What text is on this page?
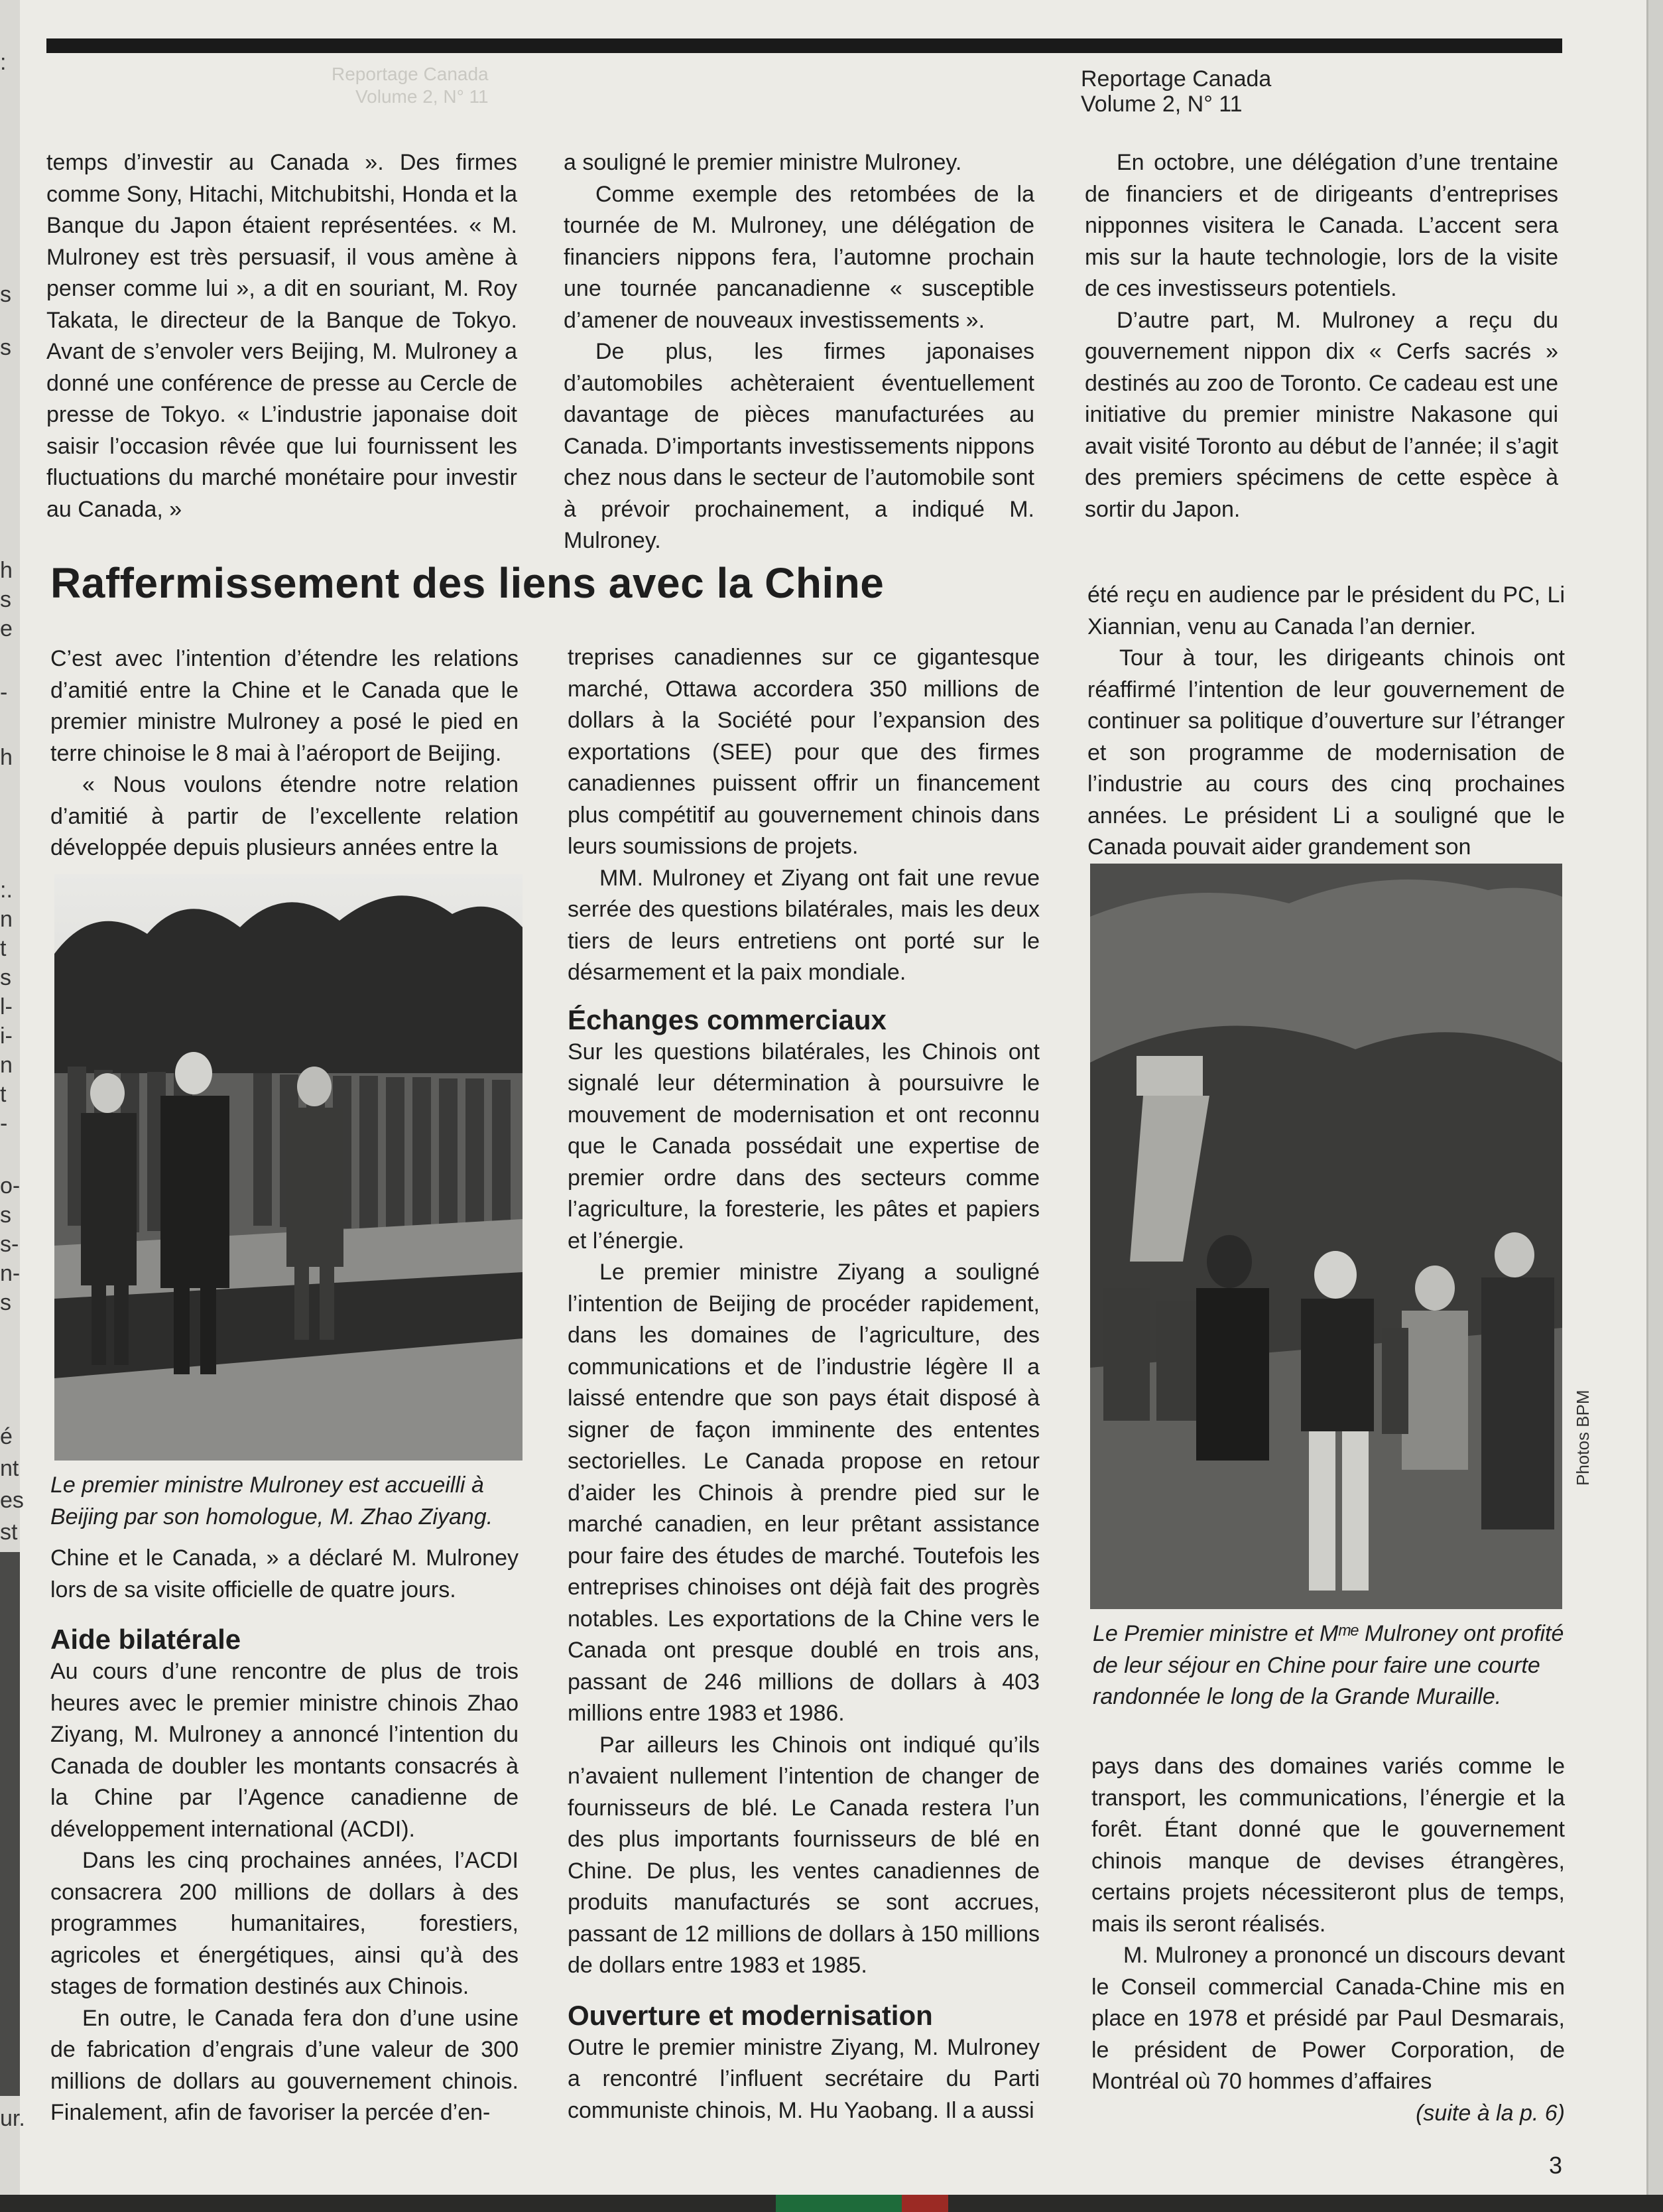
:
s
s
h
s
e
-
h
:.
n
t
s
l-
i-
n
t
-
o-
s
s-
n-
s
é
nt
es
st
ur.
Reportage Canada
Volume 2, N° 11
Reportage Canada
Volume 2, N° 11

temps d’investir au Canada ». Des firmes comme Sony, Hitachi, Mitchubitshi, Honda et la Banque du Japon étaient représentées. « M. Mulroney est très persuasif, il vous amène à penser comme lui », a dit en souriant, M. Roy Takata, le directeur de la Banque de Tokyo. Avant de s’envoler vers Beijing, M. Mulroney a donné une conférence de presse au Cercle de presse de Tokyo. « L’industrie japonaise doit saisir l’occasion rêvée que lui fournissent les fluctuations du marché monétaire pour investir au Canada, »

a souligné le premier ministre Mulroney.

Comme exemple des retombées de la tournée de M. Mulroney, une délégation de financiers nippons fera, l’automne prochain une tournée pancanadienne « susceptible d’amener de nouveaux investissements ».

De plus, les firmes japonaises d’automobiles achèteraient éventuellement davantage de pièces manufacturées au Canada. D’importants investissements nippons chez nous dans le secteur de l’automobile sont à prévoir prochainement, a indiqué M. Mulroney.

En octobre, une délégation d’une trentaine de financiers et de dirigeants d’entreprises nipponnes visitera le Canada. L’accent sera mis sur la haute technologie, lors de la visite de ces investisseurs potentiels.

D’autre part, M. Mulroney a reçu du gouvernement nippon dix « Cerfs sacrés » destinés au zoo de Toronto. Ce cadeau est une initiative du premier ministre Nakasone qui avait visité Toronto au début de l’année; il s’agit des premiers spécimens de cette espèce à sortir du Japon.

Raffermissement des liens avec la Chine

C’est avec l’intention d’étendre les relations d’amitié entre la Chine et le Canada que le premier ministre Mulroney a posé le pied en terre chinoise le 8 mai à l’aéroport de Beijing.

« Nous voulons étendre notre relation d’amitié à partir de l’excellente relation développée depuis plusieurs années entre la

Le premier ministre Mulroney est accueilli à Beijing par son homologue, M. Zhao Ziyang.

Chine et le Canada, » a déclaré M. Mulroney lors de sa visite officielle de quatre jours.

Aide bilatérale

Au cours d’une rencontre de plus de trois heures avec le premier ministre chinois Zhao Ziyang, M. Mulroney a annoncé l’intention du Canada de doubler les montants consacrés à la Chine par l’Agence canadienne de développement international (ACDI).

Dans les cinq prochaines années, l’ACDI consacrera 200 millions de dollars à des programmes humanitaires, forestiers, agricoles et énergétiques, ainsi qu’à des stages de formation destinés aux Chinois.

En outre, le Canada fera don d’une usine de fabrication d’engrais d’une valeur de 300 millions de dollars au gouvernement chinois. Finalement, afin de favoriser la percée d’en-

treprises canadiennes sur ce gigantesque marché, Ottawa accordera 350 millions de dollars à la Société pour l’expansion des exportations (SEE) pour que des firmes canadiennes puissent offrir un financement plus compétitif au gouvernement chinois dans leurs soumissions de projets.

MM. Mulroney et Ziyang ont fait une revue serrée des questions bilatérales, mais les deux tiers de leurs entretiens ont porté sur le désarmement et la paix mondiale.

Échanges commerciaux

Sur les questions bilatérales, les Chinois ont signalé leur détermination à poursuivre le mouvement de modernisation et ont reconnu que le Canada possédait une expertise de premier ordre dans des secteurs comme l’agriculture, la foresterie, les pâtes et papiers et l’énergie.

Le premier ministre Ziyang a souligné l’intention de Beijing de procéder rapidement, dans les domaines de l’agriculture, des communications et de l’industrie légère Il a laissé entendre que son pays était disposé à signer de façon imminente des ententes sectorielles. Le Canada propose en retour d’aider les Chinois à prendre pied sur le marché canadien, en leur prêtant assistance pour faire des études de marché. Toutefois les entreprises chinoises ont déjà fait des progrès notables. Les exportations de la Chine vers le Canada ont presque doublé en trois ans, passant de 246 millions de dollars à 403 millions entre 1983 et 1986.

Par ailleurs les Chinois ont indiqué qu’ils n’avaient nullement l’intention de changer de fournisseurs de blé. Le Canada restera l’un des plus importants fournisseurs de blé en Chine. De plus, les ventes canadiennes de produits manufacturés se sont accrues, passant de 12 millions de dollars à 150 millions de dollars entre 1983 et 1985.

Ouverture et modernisation

Outre le premier ministre Ziyang, M. Mulroney a rencontré l’influent secrétaire du Parti communiste chinois, M. Hu Yaobang. Il a aussi

été reçu en audience par le président du PC, Li Xiannian, venu au Canada l’an dernier.

Tour à tour, les dirigeants chinois ont réaffirmé l’intention de leur gouvernement de continuer sa politique d’ouverture sur l’étranger et son programme de modernisation de l’industrie au cours des cinq prochaines années. Le président Li a souligné que le Canada pouvait aider grandement son

Photos BPM

Le Premier ministre et Mᵐᵉ Mulroney ont profité de leur séjour en Chine pour faire une courte randonnée le long de la Grande Muraille.

pays dans des domaines variés comme le transport, les communications, l’énergie et la forêt. Étant donné que le gouvernement chinois manque de devises étrangères, certains projets nécessiteront plus de temps, mais ils seront réalisés.

M. Mulroney a prononcé un discours devant le Conseil commercial Canada-Chine mis en place en 1978 et présidé par Paul Desmarais, le président de Power Corporation, de Montréal où 70 hommes d’affaires

(suite à la p. 6)

3
